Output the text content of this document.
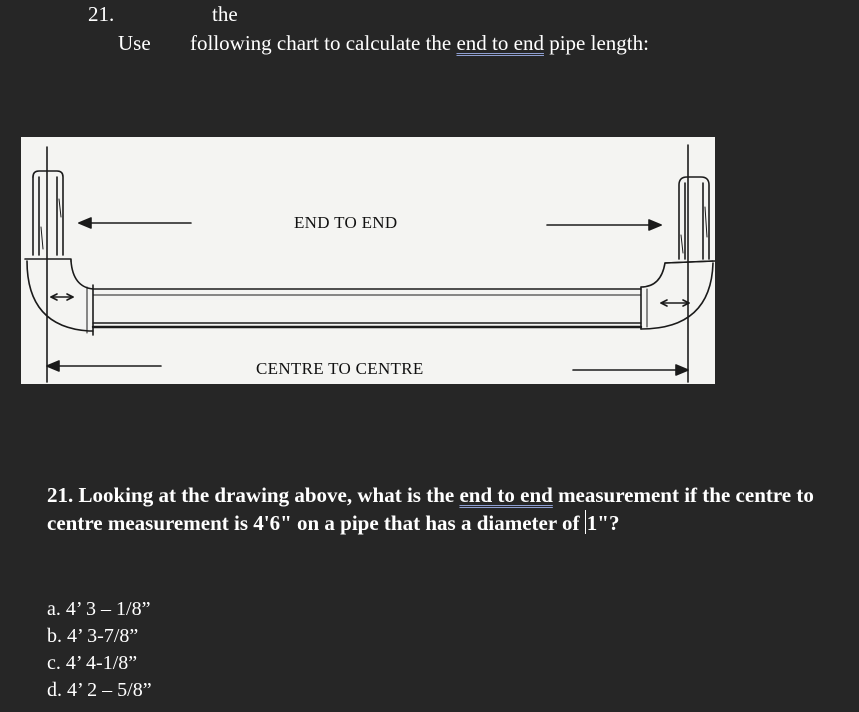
21.	the
Use following chart to calculate the end to end pipe length:
END TO END
CENTRE TO CENTRE
21. Looking at the drawing above, what is the end to end measurement if the centre to centre measurement is 4'6" on a pipe that has a diameter of 1"?
a. 4’ 3 – 1/8”
b. 4’ 3-7/8”
c. 4’ 4-1/8”
d. 4’ 2 – 5/8”
